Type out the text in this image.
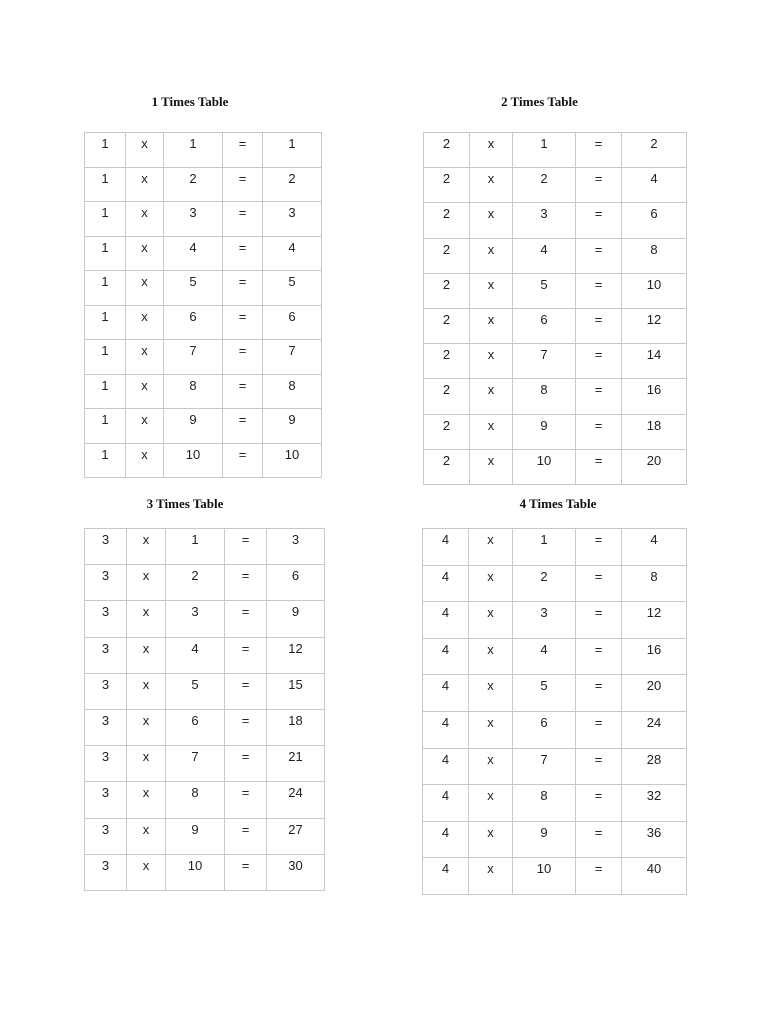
1 Times Table
1	x	1	=	1
1	x	2	=	2
1	x	3	=	3
1	x	4	=	4
1	x	5	=	5
1	x	6	=	6
1	x	7	=	7
1	x	8	=	8
1	x	9	=	9
1	x	10	=	10
2 Times Table
2	x	1	=	2
2	x	2	=	4
2	x	3	=	6
2	x	4	=	8
2	x	5	=	10
2	x	6	=	12
2	x	7	=	14
2	x	8	=	16
2	x	9	=	18
2	x	10	=	20
3 Times Table
3	x	1	=	3
3	x	2	=	6
3	x	3	=	9
3	x	4	=	12
3	x	5	=	15
3	x	6	=	18
3	x	7	=	21
3	x	8	=	24
3	x	9	=	27
3	x	10	=	30
4 Times Table
4	x	1	=	4
4	x	2	=	8
4	x	3	=	12
4	x	4	=	16
4	x	5	=	20
4	x	6	=	24
4	x	7	=	28
4	x	8	=	32
4	x	9	=	36
4	x	10	=	40
